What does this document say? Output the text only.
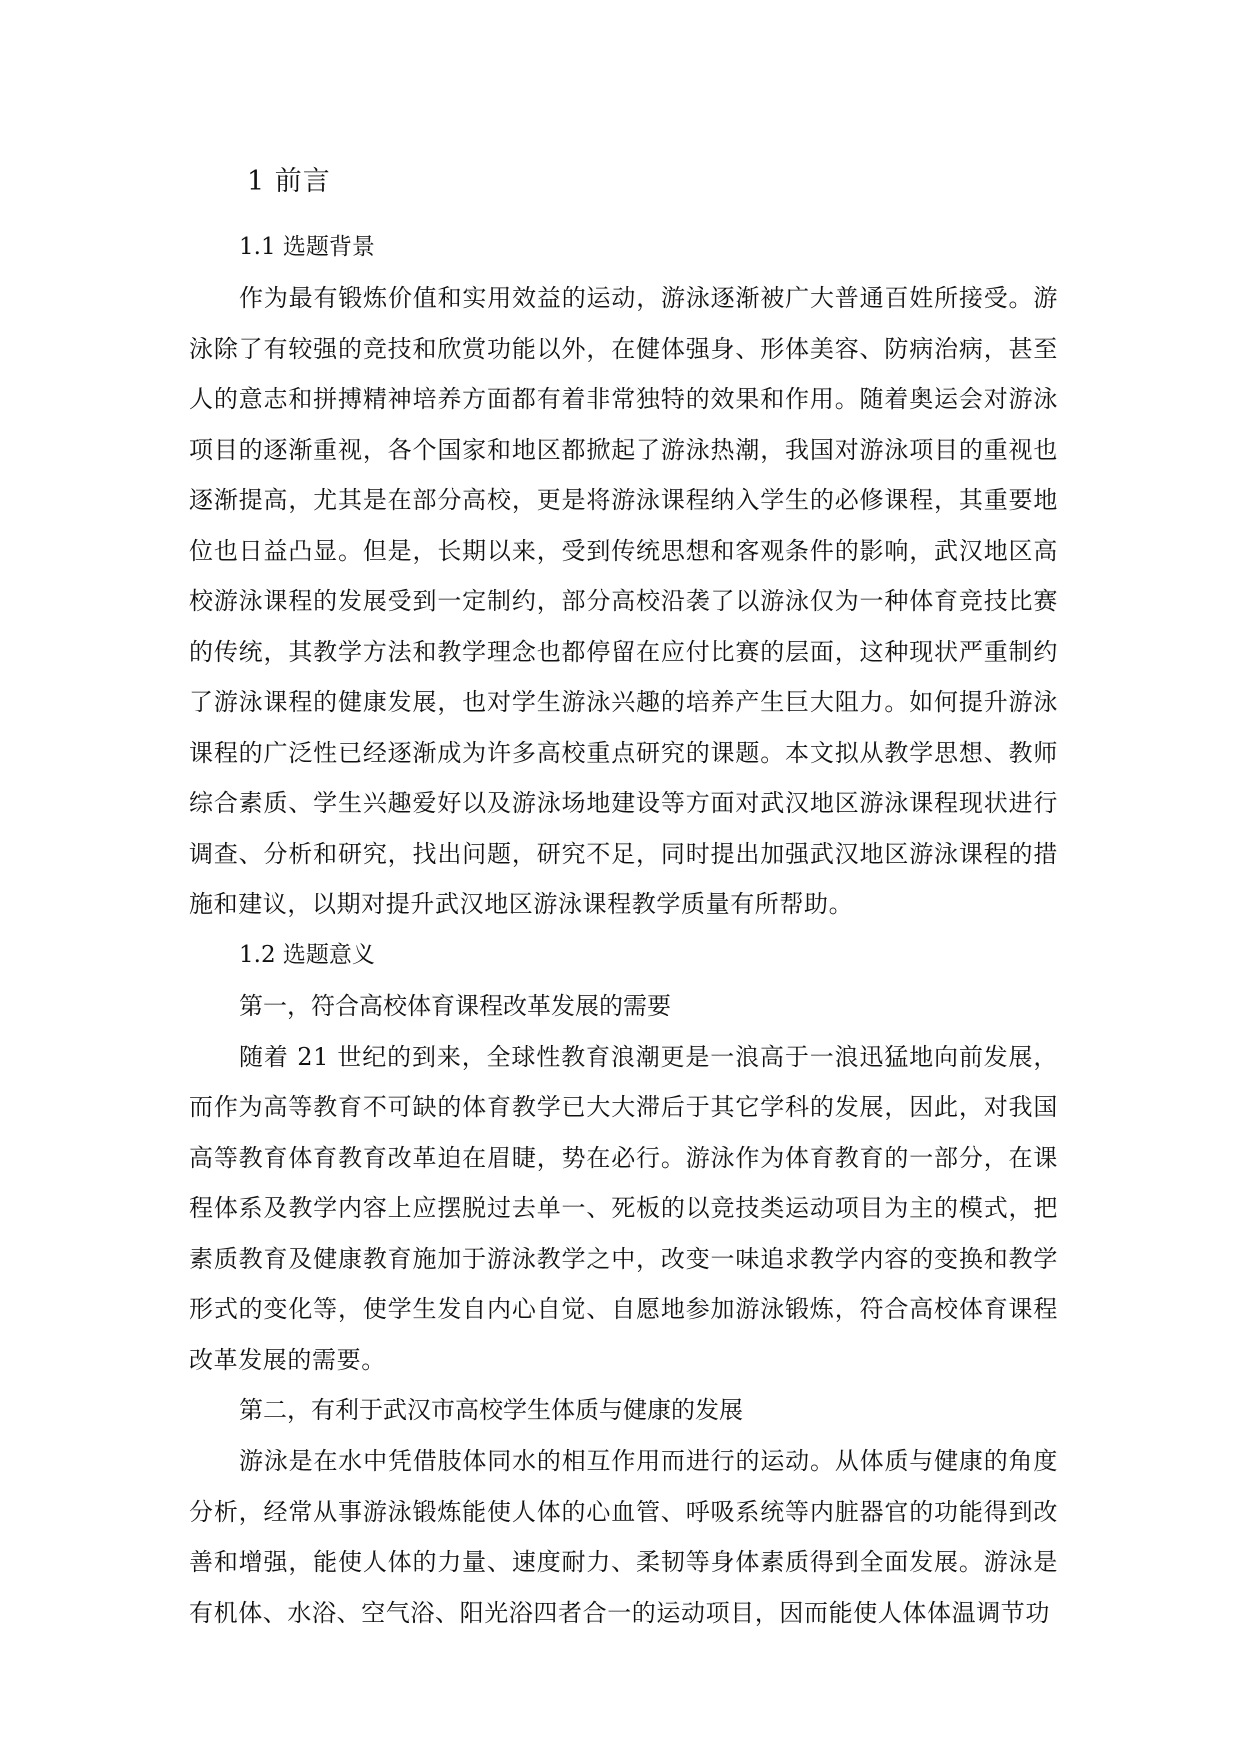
1 前言
1.1 选题背景

作为最有锻炼价值和实用效益的运动，游泳逐渐被广大普通百姓所接受。游泳除了有较强的竞技和欣赏功能以外，在健体强身、形体美容、防病治病，甚至人的意志和拼搏精神培养方面都有着非常独特的效果和作用。随着奥运会对游泳项目的逐渐重视，各个国家和地区都掀起了游泳热潮，我国对游泳项目的重视也逐渐提高，尤其是在部分高校，更是将游泳课程纳入学生的必修课程，其重要地位也日益凸显。但是，长期以来，受到传统思想和客观条件的影响，武汉地区高校游泳课程的发展受到一定制约，部分高校沿袭了以游泳仅为一种体育竞技比赛的传统，其教学方法和教学理念也都停留在应付比赛的层面，这种现状严重制约了游泳课程的健康发展，也对学生游泳兴趣的培养产生巨大阻力。如何提升游泳课程的广泛性已经逐渐成为许多高校重点研究的课题。本文拟从教学思想、教师综合素质、学生兴趣爱好以及游泳场地建设等方面对武汉地区游泳课程现状进行调查、分析和研究，找出问题，研究不足，同时提出加强武汉地区游泳课程的措施和建议，以期对提升武汉地区游泳课程教学质量有所帮助。

1.2 选题意义

第一，符合高校体育课程改革发展的需要

随着 21 世纪的到来，全球性教育浪潮更是一浪高于一浪迅猛地向前发展，而作为高等教育不可缺的体育教学已大大滞后于其它学科的发展，因此，对我国高等教育体育教育改革迫在眉睫，势在必行。游泳作为体育教育的一部分，在课程体系及教学内容上应摆脱过去单一、死板的以竞技类运动项目为主的模式，把素质教育及健康教育施加于游泳教学之中，改变一味追求教学内容的变换和教学形式的变化等，使学生发自内心自觉、自愿地参加游泳锻炼，符合高校体育课程改革发展的需要。

第二，有利于武汉市高校学生体质与健康的发展

游泳是在水中凭借肢体同水的相互作用而进行的运动。从体质与健康的角度分析，经常从事游泳锻炼能使人体的心血管、呼吸系统等内脏器官的功能得到改善和增强，能使人体的力量、速度耐力、柔韧等身体素质得到全面发展。游泳是有机体、水浴、空气浴、阳光浴四者合一的运动项目，因而能使人体体温调节功
